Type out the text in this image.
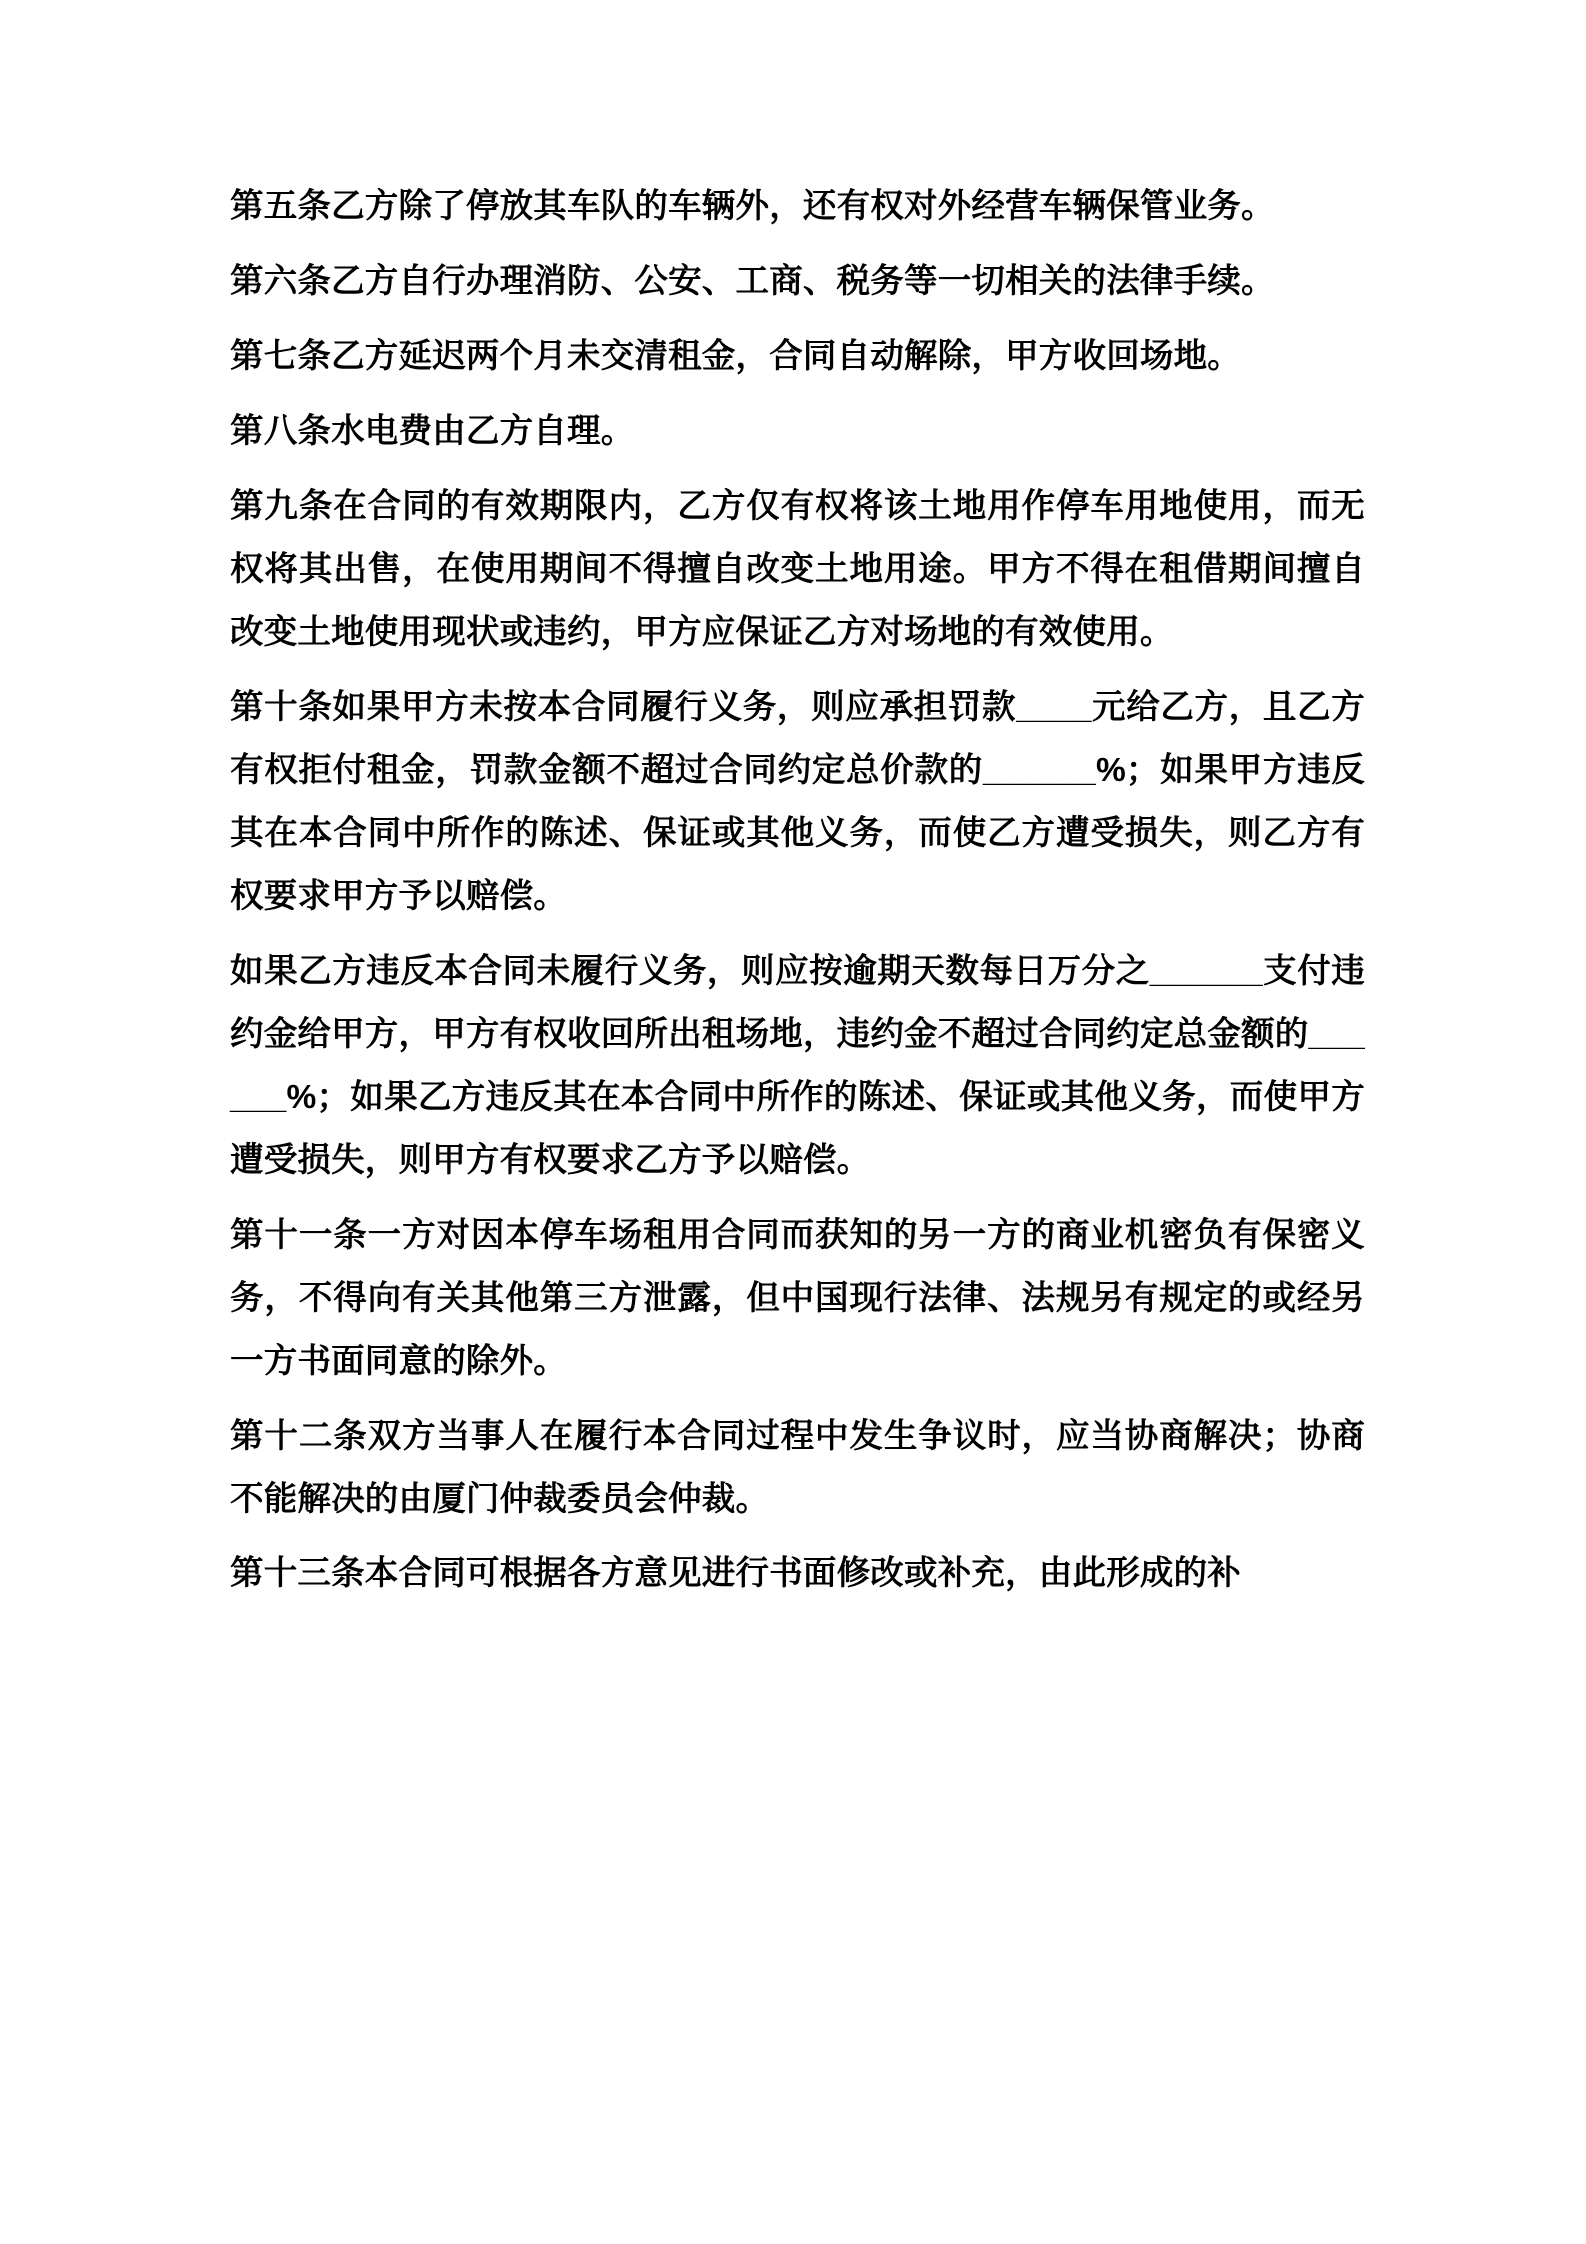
第五条乙方除了停放其车队的车辆外，还有权对外经营车辆保管业务。

第六条乙方自行办理消防、公安、工商、税务等一切相关的法律手续。

第七条乙方延迟两个月未交清租金，合同自动解除，甲方收回场地。

第八条水电费由乙方自理。

第九条在合同的有效期限内，乙方仅有权将该土地用作停车用地使用，而无权将其出售，在使用期间不得擅自改变土地用途。甲方不得在租借期间擅自改变土地使用现状或违约，甲方应保证乙方对场地的有效使用。

第十条如果甲方未按本合同履行义务，则应承担罚款____元给乙方，且乙方有权拒付租金，罚款金额不超过合同约定总价款的______%；如果甲方违反其在本合同中所作的陈述、保证或其他义务，而使乙方遭受损失，则乙方有权要求甲方予以赔偿。

如果乙方违反本合同未履行义务，则应按逾期天数每日万分之______支付违约金给甲方，甲方有权收回所出租场地，违约金不超过合同约定总金额的______%；如果乙方违反其在本合同中所作的陈述、保证或其他义务，而使甲方遭受损失，则甲方有权要求乙方予以赔偿。

第十一条一方对因本停车场租用合同而获知的另一方的商业机密负有保密义务，不得向有关其他第三方泄露，但中国现行法律、法规另有规定的或经另一方书面同意的除外。

第十二条双方当事人在履行本合同过程中发生争议时，应当协商解决；协商不能解决的由厦门仲裁委员会仲裁。

第十三条本合同可根据各方意见进行书面修改或补充，由此形成的补
